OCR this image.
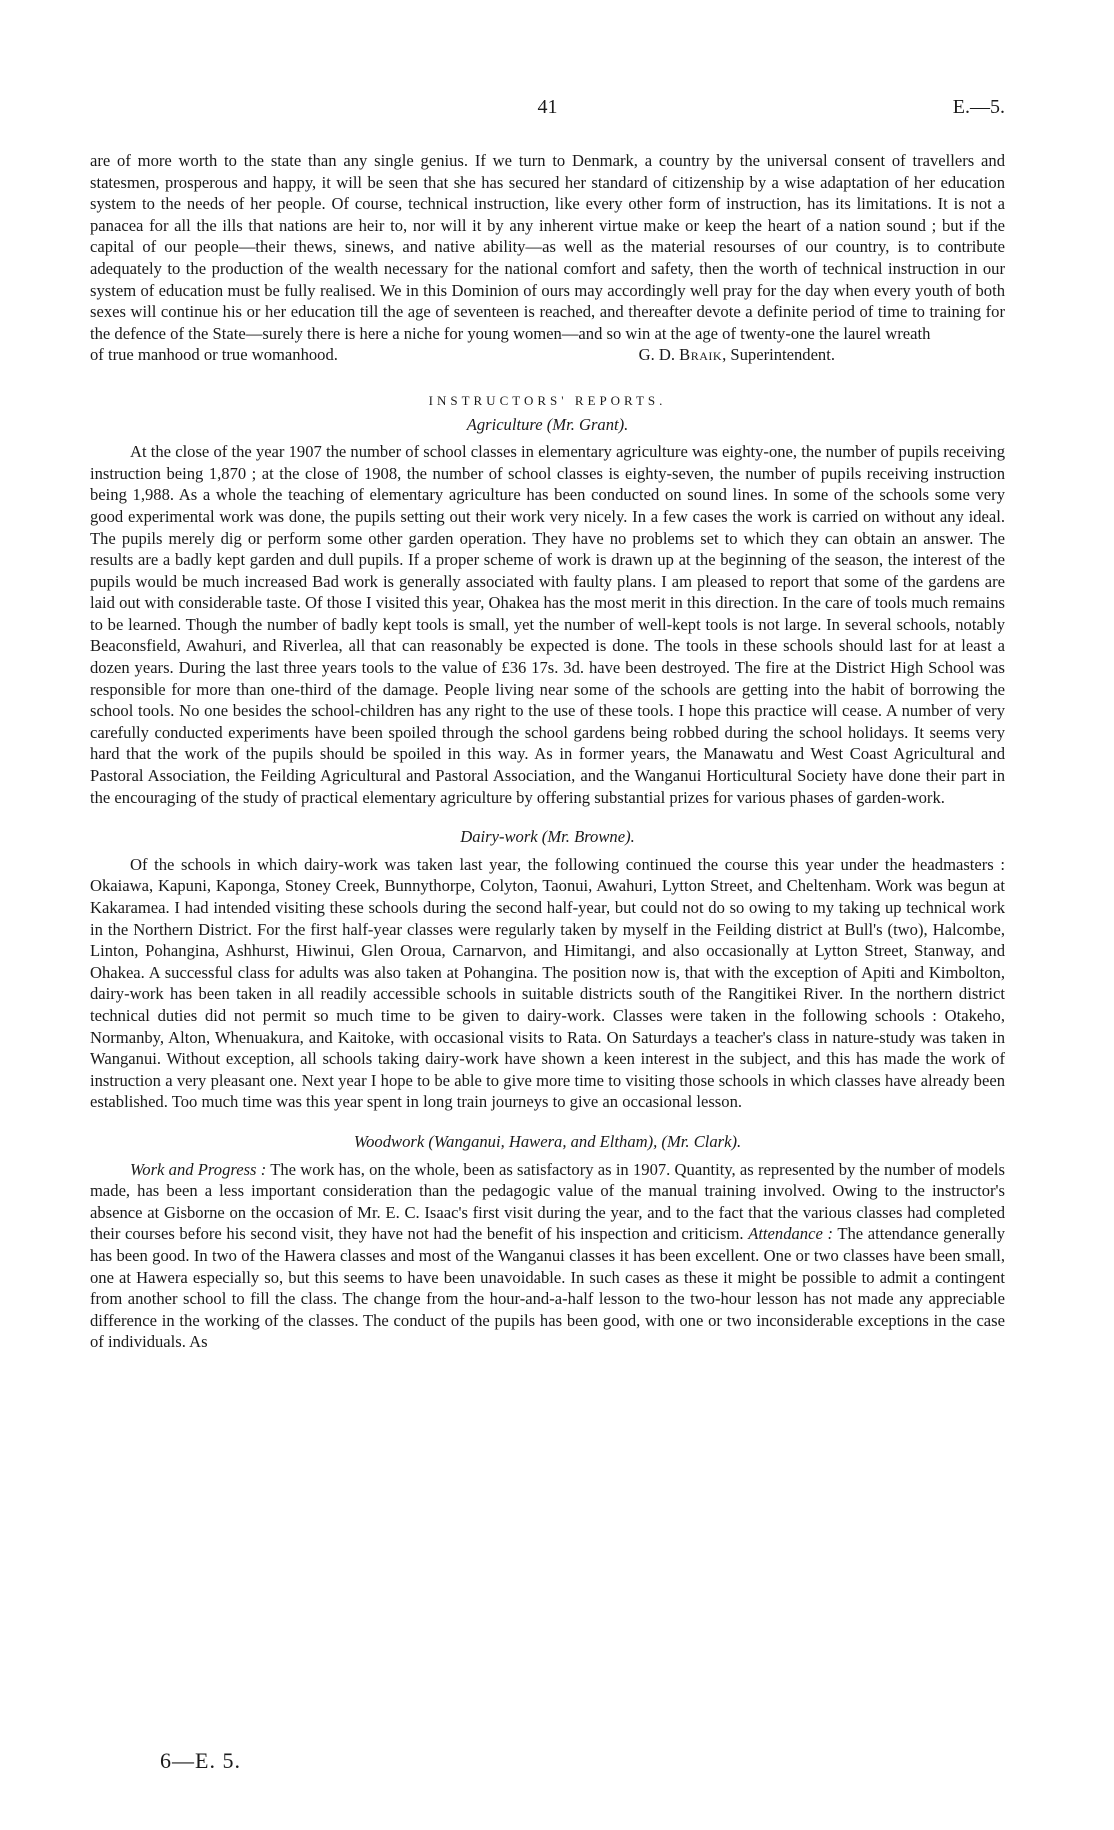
41	E.—5.

are of more worth to the state than any single genius. If we turn to Denmark, a country by the universal consent of travellers and statesmen, prosperous and happy, it will be seen that she has secured her standard of citizenship by a wise adaptation of her education system to the needs of her people. Of course, technical instruction, like every other form of instruction, has its limitations. It is not a panacea for all the ills that nations are heir to, nor will it by any inherent virtue make or keep the heart of a nation sound ; but if the capital of our people—their thews, sinews, and native ability—as well as the material resourses of our country, is to contribute adequately to the production of the wealth necessary for the national comfort and safety, then the worth of technical instruction in our system of education must be fully realised. We in this Dominion of ours may accordingly well pray for the day when every youth of both sexes will continue his or her education till the age of seventeen is reached, and thereafter devote a definite period of time to training for the defence of the State—surely there is here a niche for young women—and so win at the age of twenty-one the laurel wreath

of true manhood or true womanhood.	G. D. Braik, Superintendent.
INSTRUCTORS' REPORTS.
Agriculture (Mr. Grant).

At the close of the year 1907 the number of school classes in elementary agriculture was eighty-one, the number of pupils receiving instruction being 1,870 ; at the close of 1908, the number of school classes is eighty-seven, the number of pupils receiving instruction being 1,988. As a whole the teaching of elementary agriculture has been conducted on sound lines. In some of the schools some very good experimental work was done, the pupils setting out their work very nicely. In a few cases the work is carried on without any ideal. The pupils merely dig or perform some other garden operation. They have no problems set to which they can obtain an answer. The results are a badly kept garden and dull pupils. If a proper scheme of work is drawn up at the beginning of the season, the interest of the pupils would be much increased Bad work is generally associated with faulty plans. I am pleased to report that some of the gardens are laid out with considerable taste. Of those I visited this year, Ohakea has the most merit in this direction. In the care of tools much remains to be learned. Though the number of badly kept tools is small, yet the number of well-kept tools is not large. In several schools, notably Beaconsfield, Awahuri, and Riverlea, all that can reasonably be expected is done. The tools in these schools should last for at least a dozen years. During the last three years tools to the value of £36 17s. 3d. have been destroyed. The fire at the District High School was responsible for more than one-third of the damage. People living near some of the schools are getting into the habit of borrowing the school tools. No one besides the school-children has any right to the use of these tools. I hope this practice will cease. A number of very carefully conducted experiments have been spoiled through the school gardens being robbed during the school holidays. It seems very hard that the work of the pupils should be spoiled in this way. As in former years, the Manawatu and West Coast Agricultural and Pastoral Association, the Feilding Agricultural and Pastoral Association, and the Wanganui Horticultural Society have done their part in the encouraging of the study of practical elementary agriculture by offering substantial prizes for various phases of garden-work.

Dairy-work (Mr. Browne).

Of the schools in which dairy-work was taken last year, the following continued the course this year under the headmasters : Okaiawa, Kapuni, Kaponga, Stoney Creek, Bunnythorpe, Colyton, Taonui, Awahuri, Lytton Street, and Cheltenham. Work was begun at Kakaramea. I had intended visiting these schools during the second half-year, but could not do so owing to my taking up technical work in the Northern District. For the first half-year classes were regularly taken by myself in the Feilding district at Bull's (two), Halcombe, Linton, Pohangina, Ashhurst, Hiwinui, Glen Oroua, Carnarvon, and Himitangi, and also occasionally at Lytton Street, Stanway, and Ohakea. A successful class for adults was also taken at Pohangina. The position now is, that with the exception of Apiti and Kimbolton, dairy-work has been taken in all readily accessible schools in suitable districts south of the Rangitikei River. In the northern district technical duties did not permit so much time to be given to dairy-work. Classes were taken in the following schools : Otakeho, Normanby, Alton, Whenuakura, and Kaitoke, with occasional visits to Rata. On Saturdays a teacher's class in nature-study was taken in Wanganui. Without exception, all schools taking dairy-work have shown a keen interest in the subject, and this has made the work of instruction a very pleasant one. Next year I hope to be able to give more time to visiting those schools in which classes have already been established. Too much time was this year spent in long train journeys to give an occasional lesson.

Woodwork (Wanganui, Hawera, and Eltham), (Mr. Clark).

Work and Progress : The work has, on the whole, been as satisfactory as in 1907. Quantity, as represented by the number of models made, has been a less important consideration than the pedagogic value of the manual training involved. Owing to the instructor's absence at Gisborne on the occasion of Mr. E. C. Isaac's first visit during the year, and to the fact that the various classes had completed their courses before his second visit, they have not had the benefit of his inspection and criticism. Attendance : The attendance generally has been good. In two of the Hawera classes and most of the Wanganui classes it has been excellent. One or two classes have been small, one at Hawera especially so, but this seems to have been unavoidable. In such cases as these it might be possible to admit a contingent from another school to fill the class. The change from the hour-and-a-half lesson to the two-hour lesson has not made any appreciable difference in the working of the classes. The conduct of the pupils has been good, with one or two inconsiderable exceptions in the case of individuals. As

6—E. 5.
